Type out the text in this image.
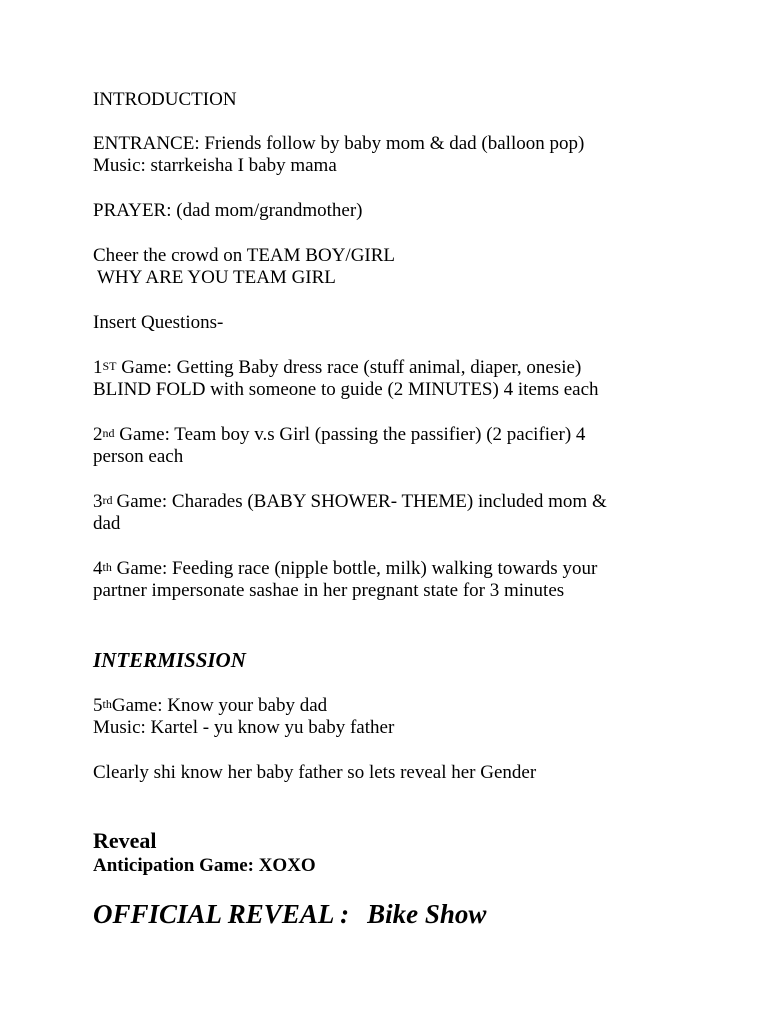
INTRODUCTION
ENTRANCE: Friends follow by baby mom & dad (balloon pop)
Music: starrkeisha I baby mama
PRAYER: (dad mom/grandmother)
Cheer the crowd on TEAM BOY/GIRL
WHY ARE YOU TEAM GIRL
Insert Questions-
1ST Game: Getting Baby dress race (stuff animal, diaper, onesie)
BLIND FOLD with someone to guide (2 MINUTES) 4 items each
2nd Game: Team boy v.s Girl (passing the passifier) (2 pacifier) 4
person each
3rd Game: Charades (BABY SHOWER- THEME) included mom &
dad
4th Game: Feeding race (nipple bottle, milk) walking towards your
partner impersonate sashae in her pregnant state for 3 minutes
INTERMISSION
5thGame: Know your baby dad
Music: Kartel - yu know yu baby father
Clearly shi know her baby father so lets reveal her Gender
Reveal
Anticipation Game: XOXO
OFFICIAL REVEAL : Bike Show
